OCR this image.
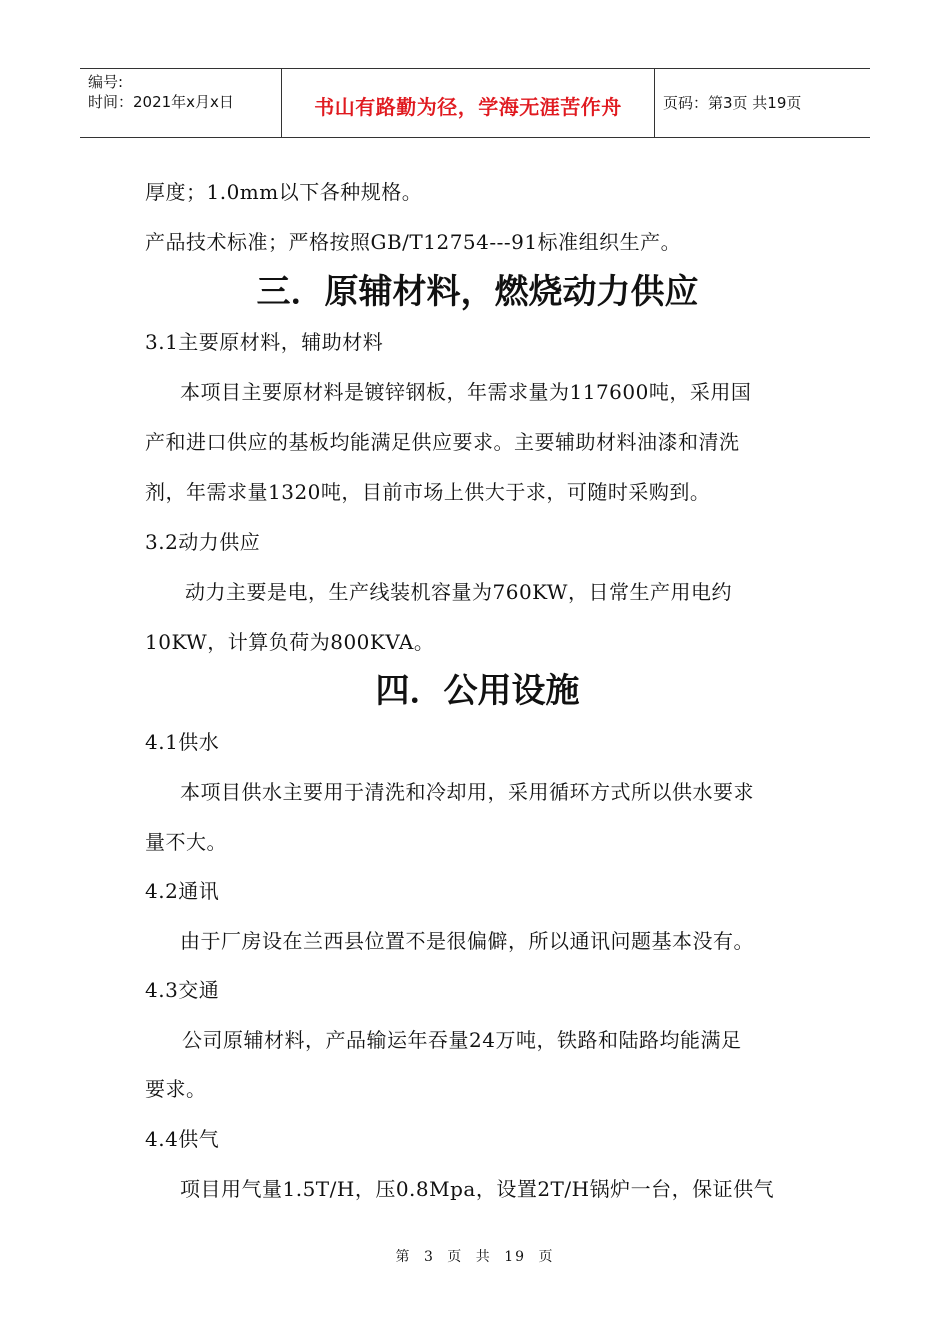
编号:
时间：2021年x月x日	书山有路勤为径，学海无涯苦作舟	页码：第3页 共19页
厚度；1.0mm以下各种规格。
产品技术标准；严格按照GB/T12754---91标准组织生产。
三．原辅材料，燃烧动力供应
3.1主要原材料，辅助材料
本项目主要原材料是镀锌钢板，年需求量为117600吨，采用国
产和进口供应的基板均能满足供应要求。主要辅助材料油漆和清洗
剂，年需求量1320吨，目前市场上供大于求，可随时采购到。
3.2动力供应
动力主要是电，生产线装机容量为760KW，日常生产用电约
10KW，计算负荷为800KVA。
四．公用设施
4.1供水
本项目供水主要用于清洗和冷却用，采用循环方式所以供水要求
量不大。
4.2通讯
由于厂房设在兰西县位置不是很偏僻，所以通讯问题基本没有。
4.3交通
公司原辅材料，产品输运年吞量24万吨，铁路和陆路均能满足
要求。
4.4供气
项目用气量1.5T/H，压0.8Mpa，设置2T/H锅炉一台，保证供气
第 3 页 共 19 页
